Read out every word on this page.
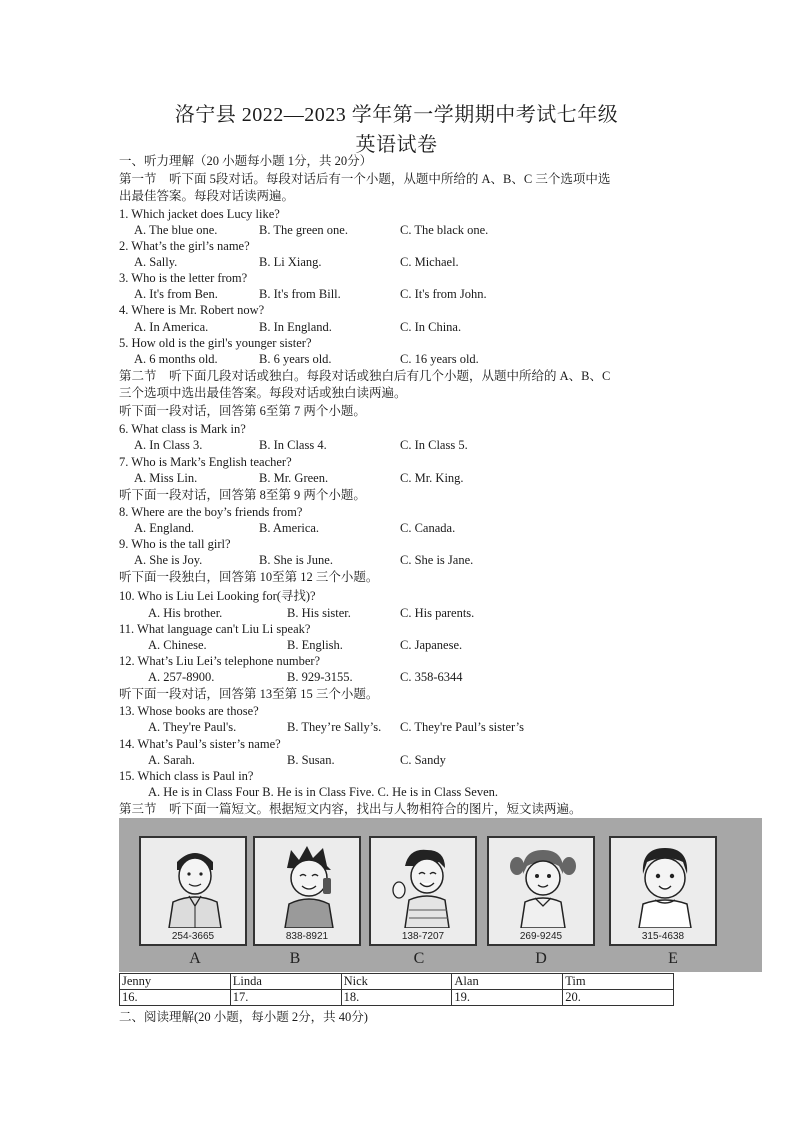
洛宁县 2022—2023 学年第一学期期中考试七年级
英语试卷
一、听力理解（20 小题每小题 1分，共 20分）
第一节　听下面 5段对话。每段对话后有一个小题，从题中所给的 A、B、C 三个选项中选
出最佳答案。每段对话读两遍。
1. Which jacket does Lucy like?
A. The blue one.	B. The green one.	C. The black one.
2. What’s the girl’s name?
A. Sally.	B. Li Xiang.	C. Michael.
3. Who is the letter from?
A. It's from Ben.	B. It's from Bill.	C. It's from John.
4. Where is Mr. Robert now?
A. In America.	B. In England.	C. In China.
5. How old is the girl's younger sister?
A. 6 months old.	B. 6 years old.	C. 16 years old.
第二节　听下面几段对话或独白。每段对话或独白后有几个小题，从题中所给的 A、B、C
三个选项中选出最佳答案。每段对话或独白读两遍。
听下面一段对话，回答第 6至第 7 两个小题。
6. What class is Mark in?
A. In Class 3.	B. In Class 4.	C. In Class 5.
7. Who is Mark’s English teacher?
A. Miss Lin.	B. Mr. Green.	C. Mr. King.
听下面一段对话，回答第 8至第 9 两个小题。
8. Where are the boy’s friends from?
A. England.	B. America.	C. Canada.
9. Who is the tall girl?
A. She is Joy.	B. She is June.	C. She is Jane.
听下面一段独白，回答第 10至第 12 三个小题。
10. Who is Liu Lei Looking for(寻找)?
A. His brother.	B. His sister.	C. His parents.
11. What language can't Liu Li speak?
A. Chinese.	B. English.	C. Japanese.
12. What’s Liu Lei’s telephone number?
A. 257-8900.	B. 929-3155.	C. 358-6344
听下面一段对话，回答第 13至第 15 三个小题。
13. Whose books are those?
A. They're Paul's.	B. They’re Sally’s. C. They're Paul’s sister’s
14. What’s Paul’s sister’s name?
A. Sarah.	B. Susan.	C. Sandy
15. Which class is Paul in?
A. He is in Class Four B. He is in Class Five. C. He is in Class Seven.
第三节　听下面一篇短文。根据短文内容，找出与人物相符合的图片，短文读两遍。
254-3665	838-8921	138-7207	269-9245	315-4638
A	B	C	D	E
Jenny	Linda	Nick	Alan	Tim
16.	17.	18.	19.	20.
二、阅读理解(20 小题，每小题 2分，共 40分)
